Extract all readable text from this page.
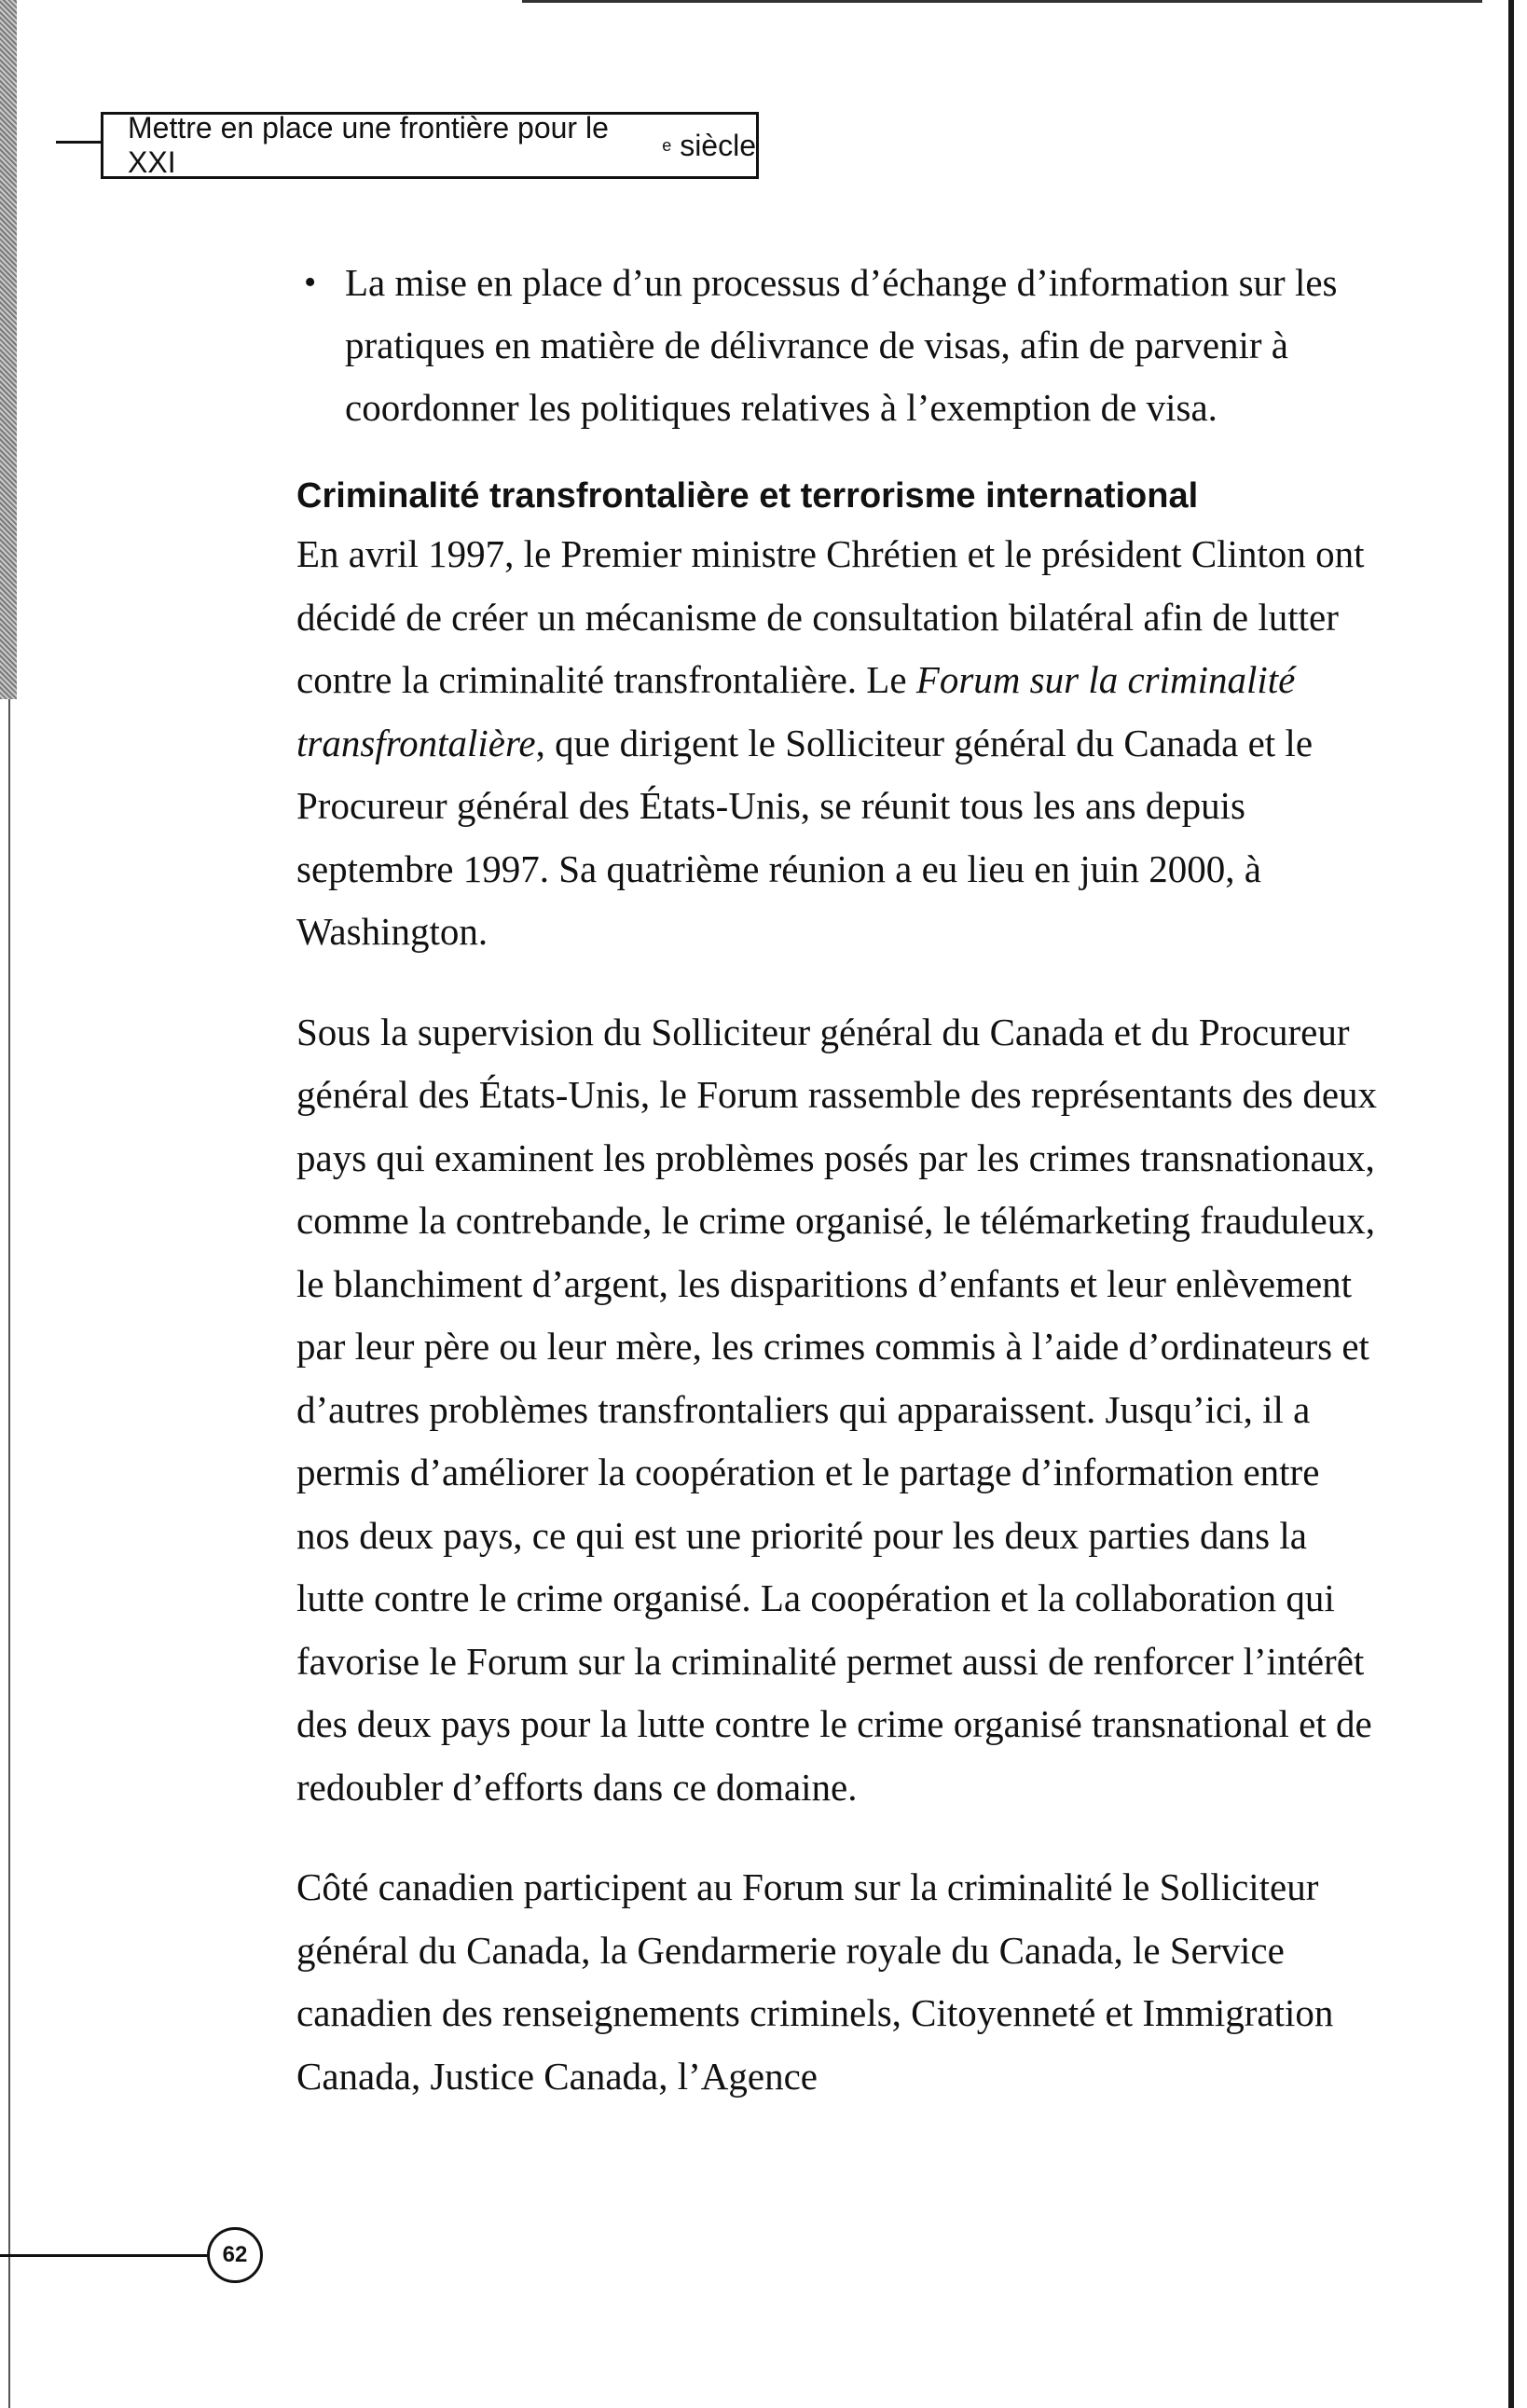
Mettre en place une frontière pour le XXI
e siècle
• La mise en place d’un processus d’échange d’information sur les pratiques en matière de délivrance de visas, afin de parvenir à coordonner les politiques relatives à l’exemption de visa.
Criminalité transfrontalière et terrorisme international

En avril 1997, le Premier ministre Chrétien et le président Clinton ont décidé de créer un mécanisme de consultation bilatéral afin de lutter contre la criminalité transfrontalière. Le Forum sur la criminalité transfrontalière, que dirigent le Solliciteur général du Canada et le Procureur général des États-Unis, se réunit tous les ans depuis septembre 1997. Sa quatrième réunion a eu lieu en juin 2000, à Washington.

Sous la supervision du Solliciteur général du Canada et du Procureur général des États-Unis, le Forum rassemble des représentants des deux pays qui examinent les problèmes posés par les crimes transnationaux, comme la contrebande, le crime organisé, le télémarketing frauduleux, le blanchiment d’argent, les disparitions d’enfants et leur enlèvement par leur père ou leur mère, les crimes commis à l’aide d’ordinateurs et d’autres problèmes transfrontaliers qui apparaissent. Jusqu’ici, il a permis d’améliorer la coopération et le partage d’information entre nos deux pays, ce qui est une priorité pour les deux parties dans la lutte contre le crime organisé. La coopération et la collaboration qui favorise le Forum sur la criminalité permet aussi de renforcer l’intérêt des deux pays pour la lutte contre le crime organisé transnational et de redoubler d’efforts dans ce domaine.

Côté canadien participent au Forum sur la criminalité le Solliciteur général du Canada, la Gendarmerie royale du Canada, le Service canadien des renseignements criminels, Citoyenneté et Immigration Canada, Justice Canada, l’Agence

62
